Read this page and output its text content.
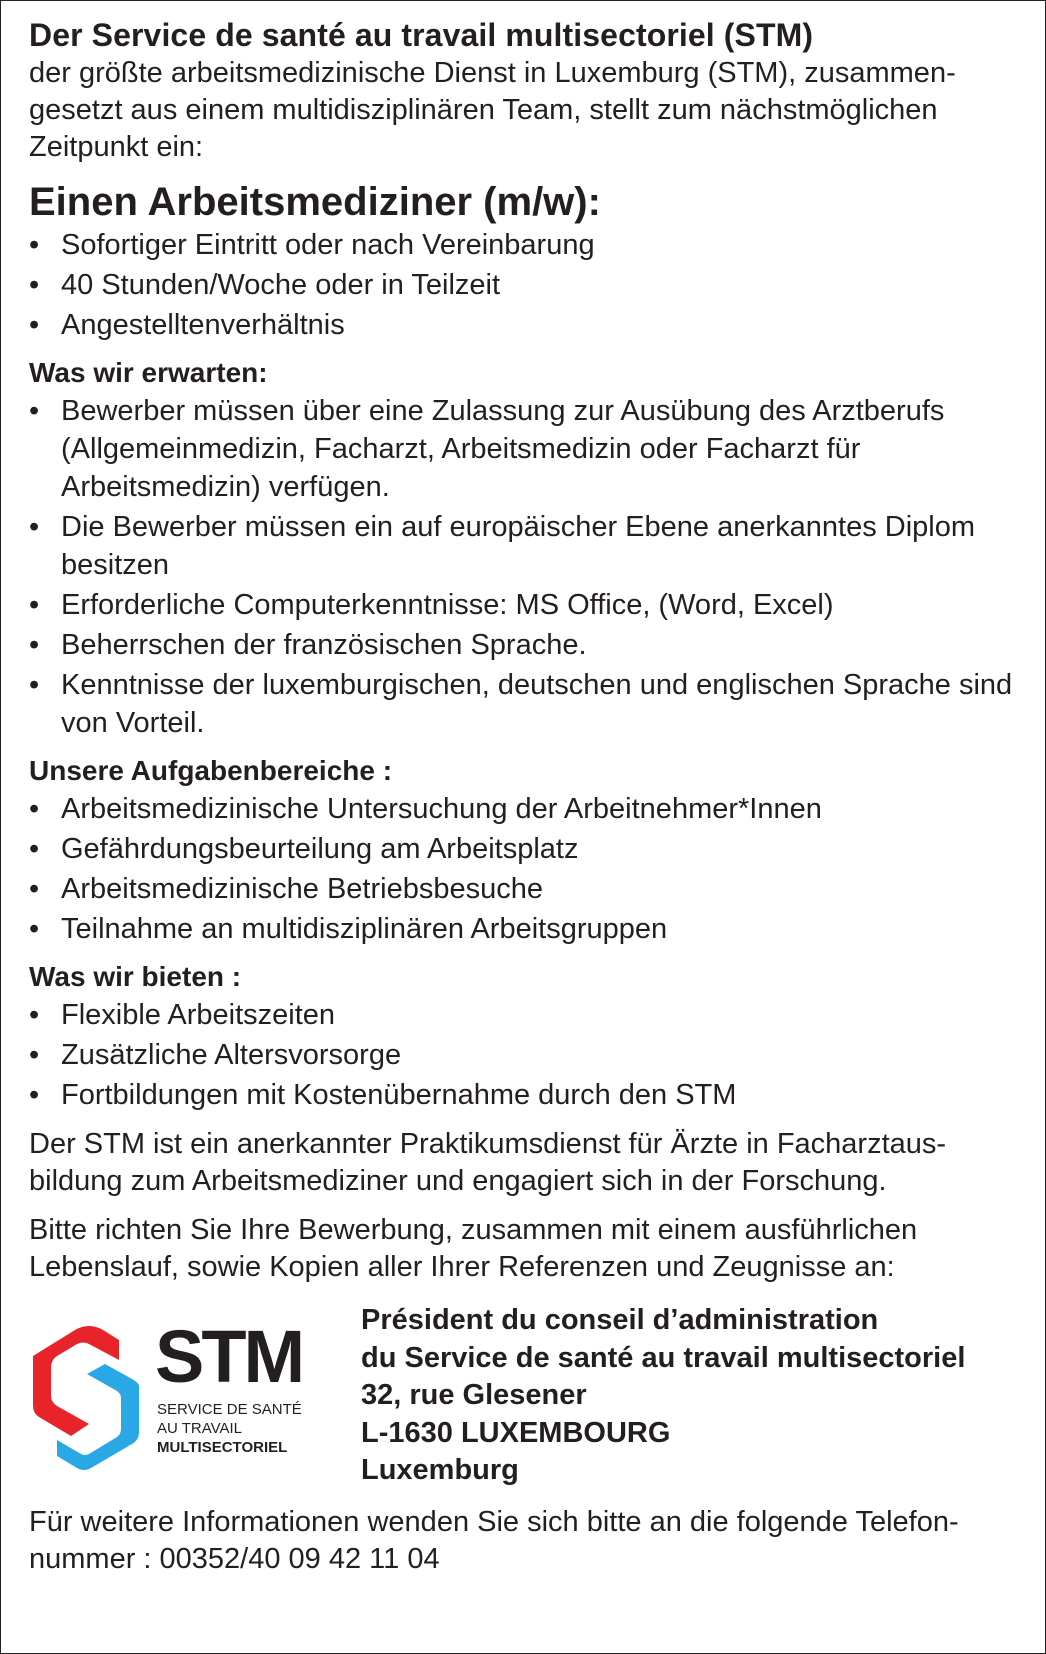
Der Service de santé au travail multisectoriel (STM)
der größte arbeitsmedizinische Dienst in Luxemburg (STM), zusammen-
gesetzt aus einem multidisziplinären Team, stellt zum nächstmöglichen
Zeitpunkt ein:
Einen Arbeitsmediziner (m/w):
• Sofortiger Eintritt oder nach Vereinbarung
• 40 Stunden/Woche oder in Teilzeit
• Angestelltenverhältnis
Was wir erwarten:
• Bewerber müssen über eine Zulassung zur Ausübung des Arztberufs (Allgemeinmedizin, Facharzt, Arbeitsmedizin oder Facharzt für Arbeitsmedizin) verfügen.
• Die Bewerber müssen ein auf europäischer Ebene anerkanntes Diplom besitzen
• Erforderliche Computerkenntnisse: MS Office, (Word, Excel)
• Beherrschen der französischen Sprache.
• Kenntnisse der luxemburgischen, deutschen und englischen Sprache sind von Vorteil.
Unsere Aufgabenbereiche :
• Arbeitsmedizinische Untersuchung der Arbeitnehmer*Innen
• Gefährdungsbeurteilung am Arbeitsplatz
• Arbeitsmedizinische Betriebsbesuche
• Teilnahme an multidisziplinären Arbeitsgruppen
Was wir bieten :
• Flexible Arbeitszeiten
• Zusätzliche Altersvorsorge
• Fortbildungen mit Kostenübernahme durch den STM
Der STM ist ein anerkannter Praktikumsdienst für Ärzte in Facharztaus-
bildung zum Arbeitsmediziner und engagiert sich in der Forschung.
Bitte richten Sie Ihre Bewerbung, zusammen mit einem ausführlichen
Lebenslauf, sowie Kopien aller Ihrer Referenzen und Zeugnisse an:
STM
SERVICE DE SANTÉ
AU TRAVAIL
MULTISECTORIEL
Président du conseil d’administration
du Service de santé au travail multisectoriel
32, rue Glesener
L-1630 LUXEMBOURG
Luxemburg
Für weitere Informationen wenden Sie sich bitte an die folgende Telefon-
nummer : 00352/40 09 42 11 04
